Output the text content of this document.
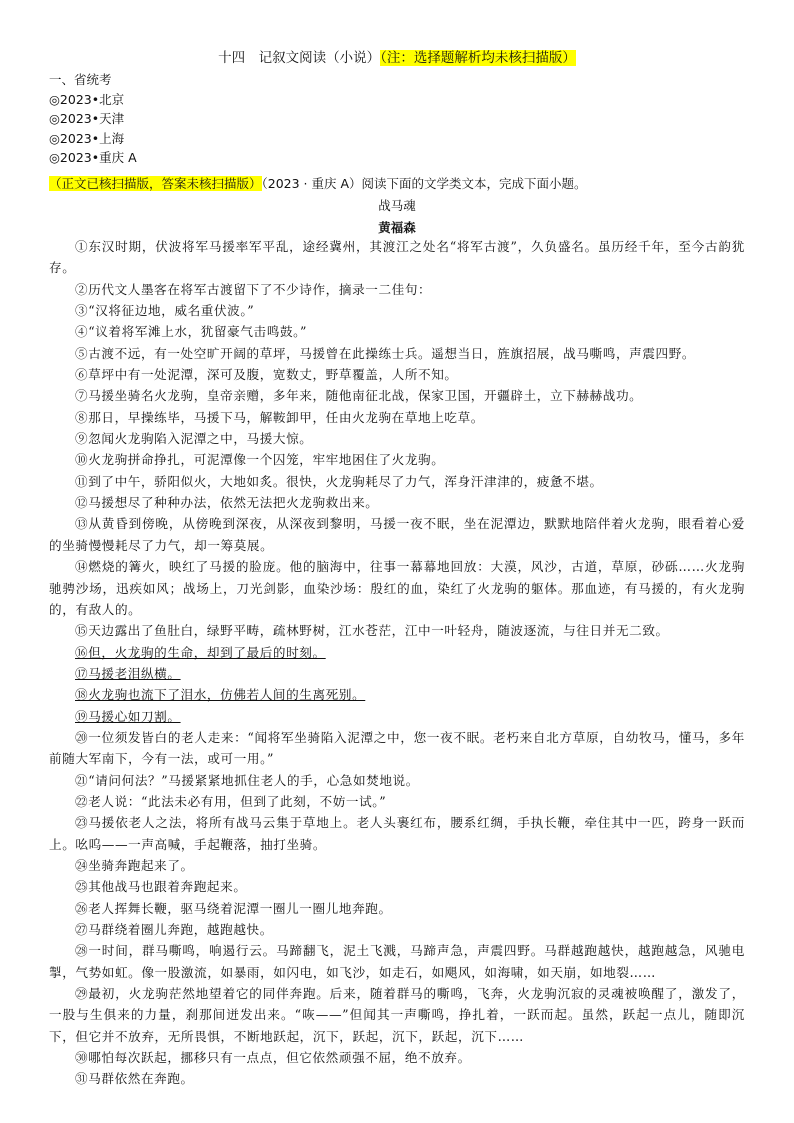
十四　记叙文阅读（小说）（注：选择题解析均未核扫描版）
一、省统考
◎2023•北京
◎2023•天津
◎2023•上海
◎2023•重庆 A
（正文已核扫描版，答案未核扫描版）（2023 · 重庆 A）阅读下面的文学类文本，完成下面小题。
战马魂
黄福森

①东汉时期，伏波将军马援率军平乱，途经冀州，其渡江之处名“将军古渡”，久负盛名。虽历经千年，至今古韵犹存。

②历代文人墨客在将军古渡留下了不少诗作，摘录一二佳句：

③“汉将征边地，威名重伏波。”

④“议着将军滩上水，犹留豪气击鸣鼓。”

⑤古渡不远，有一处空旷开阔的草坪，马援曾在此操练士兵。遥想当日，旌旗招展，战马嘶鸣，声震四野。

⑥草坪中有一处泥潭，深可及腹，宽数丈，野草覆盖，人所不知。

⑦马援坐骑名火龙驹，皇帝亲赠，多年来，随他南征北战，保家卫国，开疆辟土，立下赫赫战功。

⑧那日，早操练毕，马援下马，解鞍卸甲，任由火龙驹在草地上吃草。

⑨忽闻火龙驹陷入泥潭之中，马援大惊。

⑩火龙驹拼命挣扎，可泥潭像一个囚笼，牢牢地困住了火龙驹。

⑪到了中午，骄阳似火，大地如炙。很快，火龙驹耗尽了力气，浑身汗津津的，疲惫不堪。

⑫马援想尽了种种办法，依然无法把火龙驹救出来。

⑬从黄昏到傍晚，从傍晚到深夜，从深夜到黎明，马援一夜不眠，坐在泥潭边，默默地陪伴着火龙驹，眼看着心爱的坐骑慢慢耗尽了力气，却一筹莫展。

⑭燃烧的篝火，映红了马援的脸庞。他的脑海中，往事一幕幕地回放：大漠，风沙，古道，草原，砂砾……火龙驹驰骋沙场，迅疾如风；战场上，刀光剑影，血染沙场：殷红的血，染红了火龙驹的躯体。那血迹，有马援的，有火龙驹的，有敌人的。

⑮天边露出了鱼肚白，绿野平畴，疏林野树，江水苍茫，江中一叶轻舟，随波逐流，与往日并无二致。

⑯但，火龙驹的生命，却到了最后的时刻。

⑰马援老泪纵横。

⑱火龙驹也流下了泪水，仿佛若人间的生离死别。

⑲马援心如刀割。

⑳一位须发皆白的老人走来：“闻将军坐骑陷入泥潭之中，您一夜不眠。老朽来自北方草原，自幼牧马，懂马，多年前随大军南下，今有一法，或可一用。”

㉑“请问何法？”马援紧紧地抓住老人的手，心急如焚地说。

㉒老人说：“此法未必有用，但到了此刻，不妨一试。”

㉓马援依老人之法，将所有战马云集于草地上。老人头裹红布，腰系红绸，手执长鞭，牵住其中一匹，跨身一跃而上。吆呜——一声高喊，手起鞭落，抽打坐骑。

㉔坐骑奔跑起来了。

㉕其他战马也跟着奔跑起来。

㉖老人挥舞长鞭，驱马绕着泥潭一圈儿一圈儿地奔跑。

㉗马群绕着圈儿奔跑，越跑越快。

㉘一时间，群马嘶鸣，响遏行云。马蹄翻飞，泥土飞溅，马蹄声急，声震四野。马群越跑越快，越跑越急，风驰电掣，气势如虹。像一股激流，如暴雨，如闪电，如飞沙，如走石，如飓风，如海啸，如天崩，如地裂……

㉙最初，火龙驹茫然地望着它的同伴奔跑。后来，随着群马的嘶鸣，飞奔，火龙驹沉寂的灵魂被唤醒了，激发了，一股与生俱来的力量，刹那间迸发出来。“咴——”但闻其一声嘶鸣，挣扎着，一跃而起。虽然，跃起一点儿，随即沉下，但它并不放弃，无所畏惧，不断地跃起，沉下，跃起，沉下，跃起，沉下……

㉚哪怕每次跃起，挪移只有一点点，但它依然顽强不屈，绝不放弃。

㉛马群依然在奔跑。
